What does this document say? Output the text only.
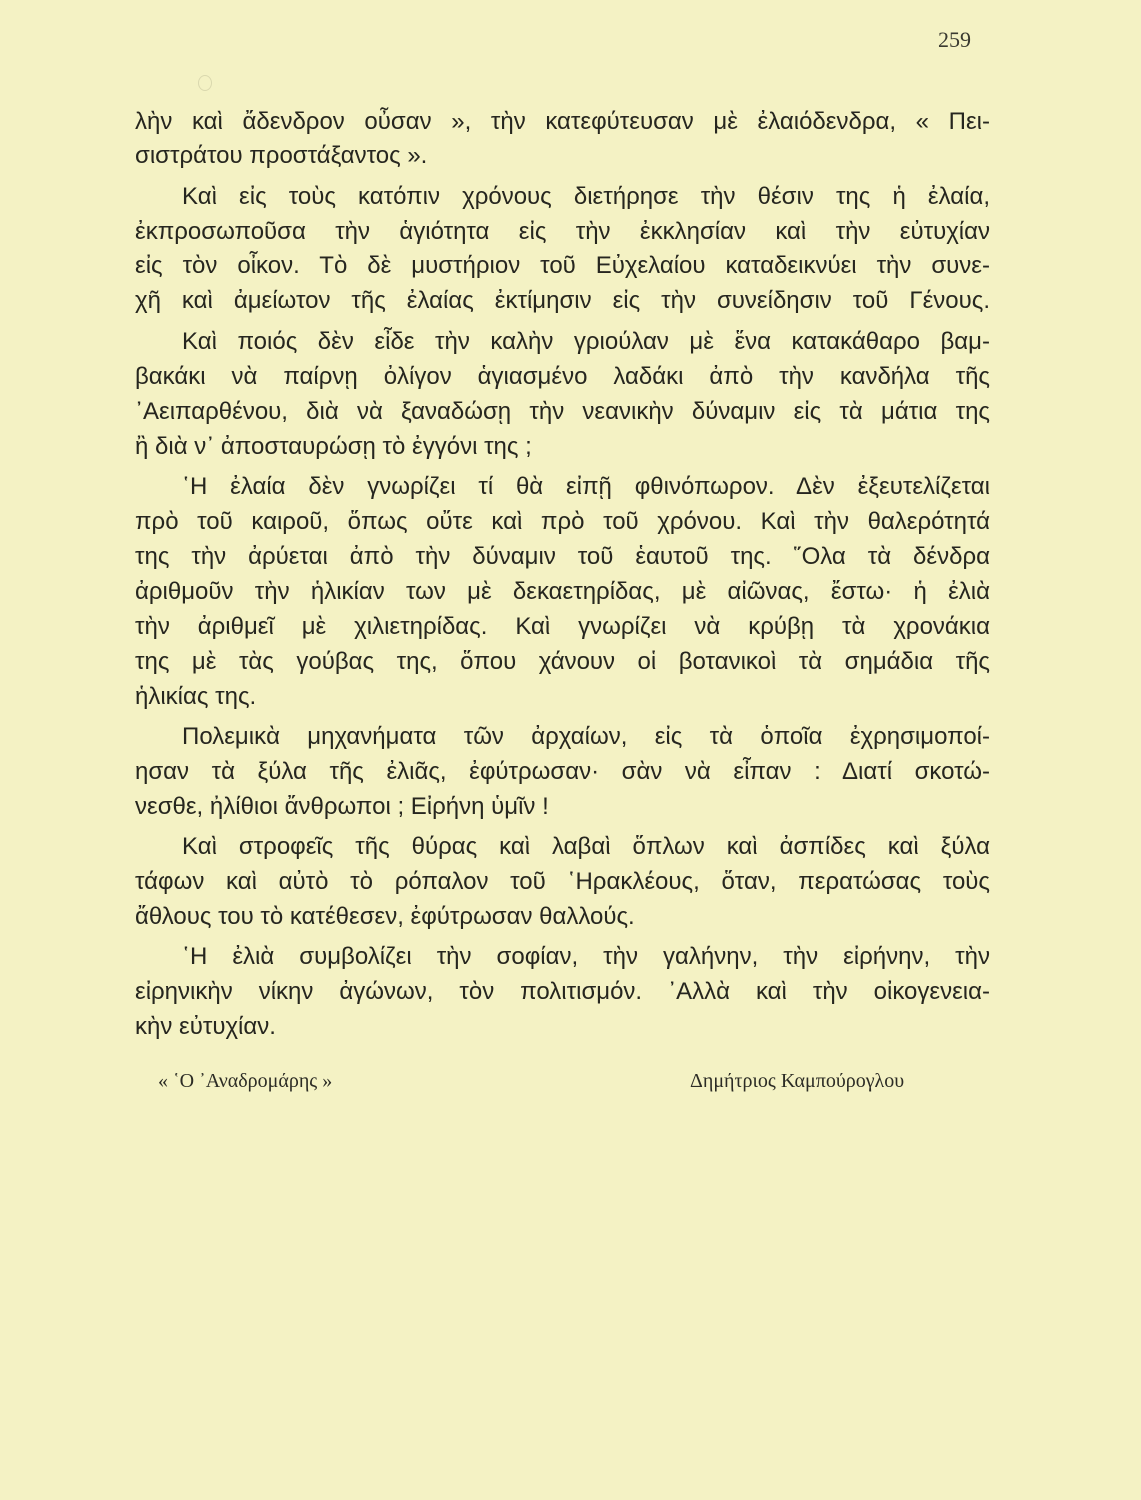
259
λὴν καὶ ἄδενδρον οὖσαν », τὴν κατεφύτευσαν μὲ ἐλαιόδενδρα, « Πει-
σιστράτου προστάξαντος ».
Καὶ εἰς τοὺς κατόπιν χρόνους διετήρησε τὴν θέσιν της ἡ ἐλαία,
ἐκπροσωποῦσα τὴν ἁγιότητα εἰς τὴν ἐκκλησίαν καὶ τὴν εὐτυχίαν
εἰς τὸν οἶκον. Τὸ δὲ μυστήριον τοῦ Εὐχελαίου καταδεικνύει τὴν συνε-
χῆ καὶ ἀμείωτον τῆς ἐλαίας ἐκτίμησιν εἰς τὴν συνείδησιν τοῦ Γένους.
Καὶ ποιός δὲν εἶδε τὴν καλὴν γριούλαν μὲ ἕνα κατακάθαρο βαμ-
βακάκι νὰ παίρνῃ ὀλίγον ἁγιασμένο λαδάκι ἀπὸ τὴν κανδήλα τῆς
᾿Αειπαρθένου, διὰ νὰ ξαναδώσῃ τὴν νεανικὴν δύναμιν εἰς τὰ μάτια της
ἢ διὰ ν᾿ ἀποσταυρώσῃ τὸ ἐγγόνι της ;
῾Η ἐλαία δὲν γνωρίζει τί θὰ εἰπῇ φθινόπωρον. Δὲν ἐξευτελίζεται
πρὸ τοῦ καιροῦ, ὅπως οὔτε καὶ πρὸ τοῦ χρόνου. Καὶ τὴν θαλερότητά
της τὴν ἀρύεται ἀπὸ τὴν δύναμιν τοῦ ἑαυτοῦ της. ῞Ολα τὰ δένδρα
ἀριθμοῦν τὴν ἡλικίαν των μὲ δεκαετηρίδας, μὲ αἰῶνας, ἔστω· ἡ ἐλιὰ
τὴν ἀριθμεῖ μὲ χιλιετηρίδας. Καὶ γνωρίζει νὰ κρύβῃ τὰ χρονάκια
της μὲ τὰς γούβας της, ὅπου χάνουν οἱ βοτανικοὶ τὰ σημάδια τῆς
ἡλικίας της.
Πολεμικὰ μηχανήματα τῶν ἀρχαίων, εἰς τὰ ὁποῖα ἐχρησιμοποί-
ησαν τὰ ξύλα τῆς ἐλιᾶς, ἐφύτρωσαν· σὰν νὰ εἶπαν : Διατί σκοτώ-
νεσθε, ἠλίθιοι ἄνθρωποι ; Εἰρήνη ὑμῖν !
Καὶ στροφεῖς τῆς θύρας καὶ λαβαὶ ὅπλων καὶ ἀσπίδες καὶ ξύλα
τάφων καὶ αὐτὸ τὸ ρόπαλον τοῦ ῾Ηρακλέους, ὅταν, περατώσας τοὺς
ἄθλους του τὸ κατέθεσεν, ἐφύτρωσαν θαλλούς.
῾Η ἐλιὰ συμβολίζει τὴν σοφίαν, τὴν γαλήνην, τὴν εἰρήνην, τὴν
εἰρηνικὴν νίκην ἀγώνων, τὸν πολιτισμόν. ᾿Αλλὰ καὶ τὴν οἰκογενεια-
κὴν εὐτυχίαν.
« ῾Ο ᾿Αναδρομάρης »	Δημήτριος Καμπούρογλου
